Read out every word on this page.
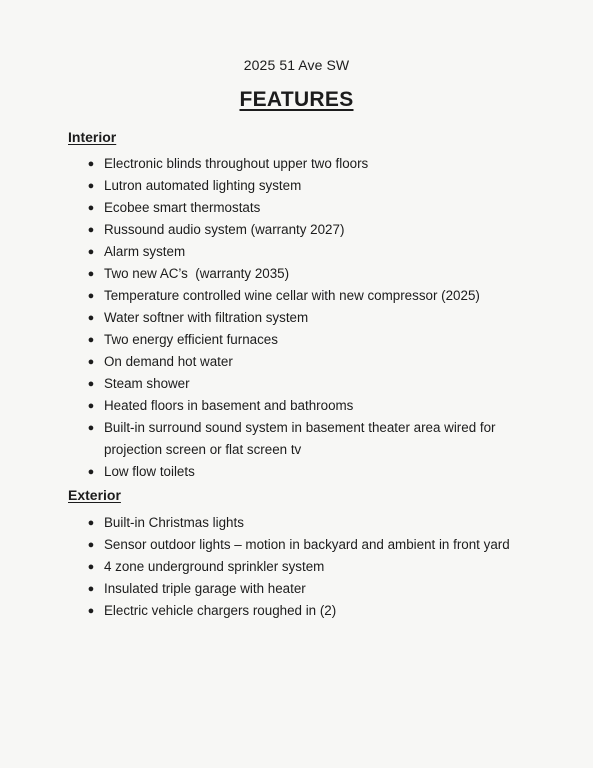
2025 51 Ave SW
FEATURES
Interior
● Electronic blinds throughout upper two floors
● Lutron automated lighting system
● Ecobee smart thermostats
● Russound audio system (warranty 2027)
● Alarm system
● Two new AC’s  (warranty 2035)
● Temperature controlled wine cellar with new compressor (2025)
● Water softner with filtration system
● Two energy efficient furnaces
● On demand hot water
● Steam shower
● Heated floors in basement and bathrooms
● Built-in surround sound system in basement theater area wired for projection screen or flat screen tv
● Low flow toilets
Exterior
● Built-in Christmas lights
● Sensor outdoor lights – motion in backyard and ambient in front yard
● 4 zone underground sprinkler system
● Insulated triple garage with heater
● Electric vehicle chargers roughed in (2)
